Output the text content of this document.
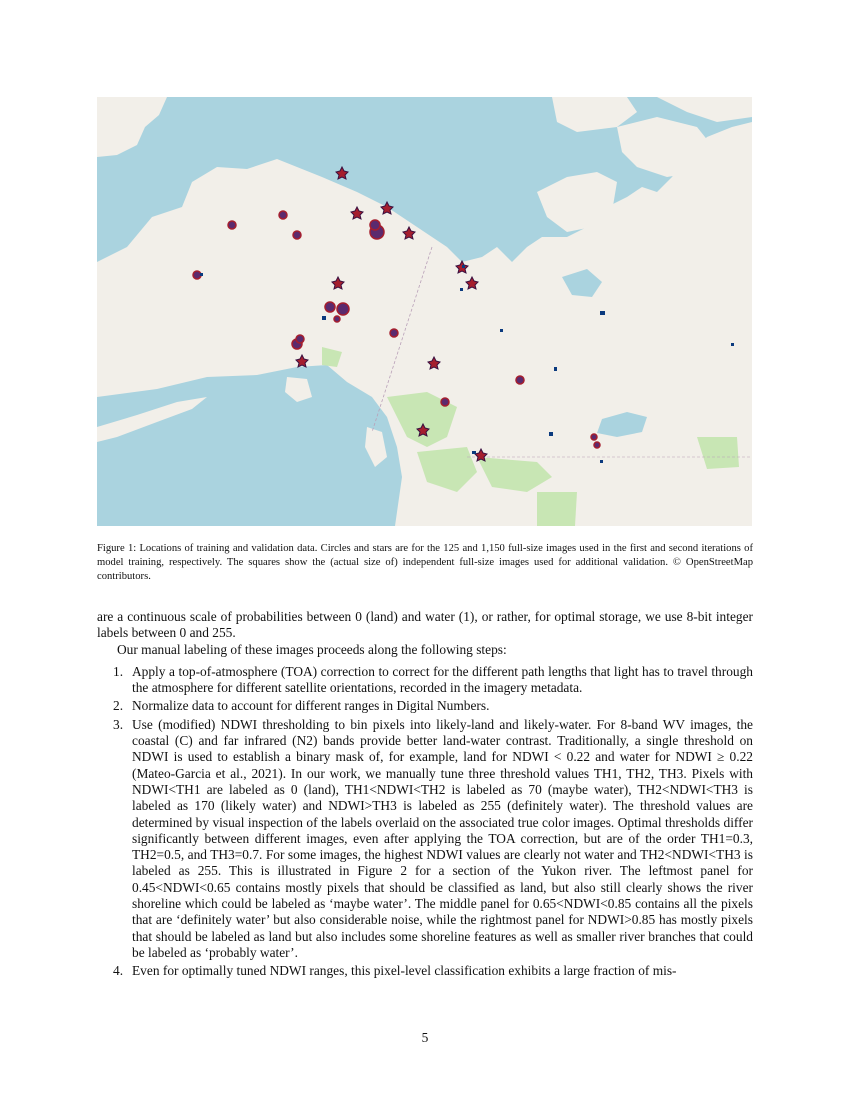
Figure 1: Locations of training and validation data. Circles and stars are for the 125 and 1,150 full-size images used in the first and second iterations of model training, respectively. The squares show the (actual size of) independent full-size images used for additional validation. © OpenStreetMap contributors.

are a continuous scale of probabilities between 0 (land) and water (1), or rather, for optimal storage, we use 8-bit integer labels between 0 and 255.

Our manual labeling of these images proceeds along the following steps:

1. Apply a top-of-atmosphere (TOA) correction to correct for the different path lengths that light has to travel through the atmosphere for different satellite orientations, recorded in the imagery metadata.
2. Normalize data to account for different ranges in Digital Numbers.
3. Use (modified) NDWI thresholding to bin pixels into likely-land and likely-water. For 8-band WV images, the coastal (C) and far infrared (N2) bands provide better land-water contrast. Traditionally, a single threshold on NDWI is used to establish a binary mask of, for example, land for NDWI < 0.22 and water for NDWI ≥ 0.22 (Mateo-Garcia et al., 2021). In our work, we manually tune three threshold values TH1, TH2, TH3. Pixels with NDWI<TH1 are labeled as 0 (land), TH1<NDWI<TH2 is labeled as 70 (maybe water), TH2<NDWI<TH3 is labeled as 170 (likely water) and NDWI>TH3 is labeled as 255 (definitely water). The threshold values are determined by visual inspection of the labels overlaid on the associated true color images. Optimal thresholds differ significantly between different images, even after applying the TOA correction, but are of the order TH1=0.3, TH2=0.5, and TH3=0.7. For some images, the highest NDWI values are clearly not water and TH2<NDWI<TH3 is labeled as 255. This is illustrated in Figure 2 for a section of the Yukon river. The leftmost panel for 0.45<NDWI<0.65 contains mostly pixels that should be classified as land, but also still clearly shows the river shoreline which could be labeled as ‘maybe water’. The middle panel for 0.65<NDWI<0.85 contains all the pixels that are ‘definitely water’ but also considerable noise, while the rightmost panel for NDWI>0.85 has mostly pixels that should be labeled as land but also includes some shoreline features as well as smaller river branches that could be labeled as ‘probably water’.
4. Even for optimally tuned NDWI ranges, this pixel-level classification exhibits a large fraction of mis-
5
